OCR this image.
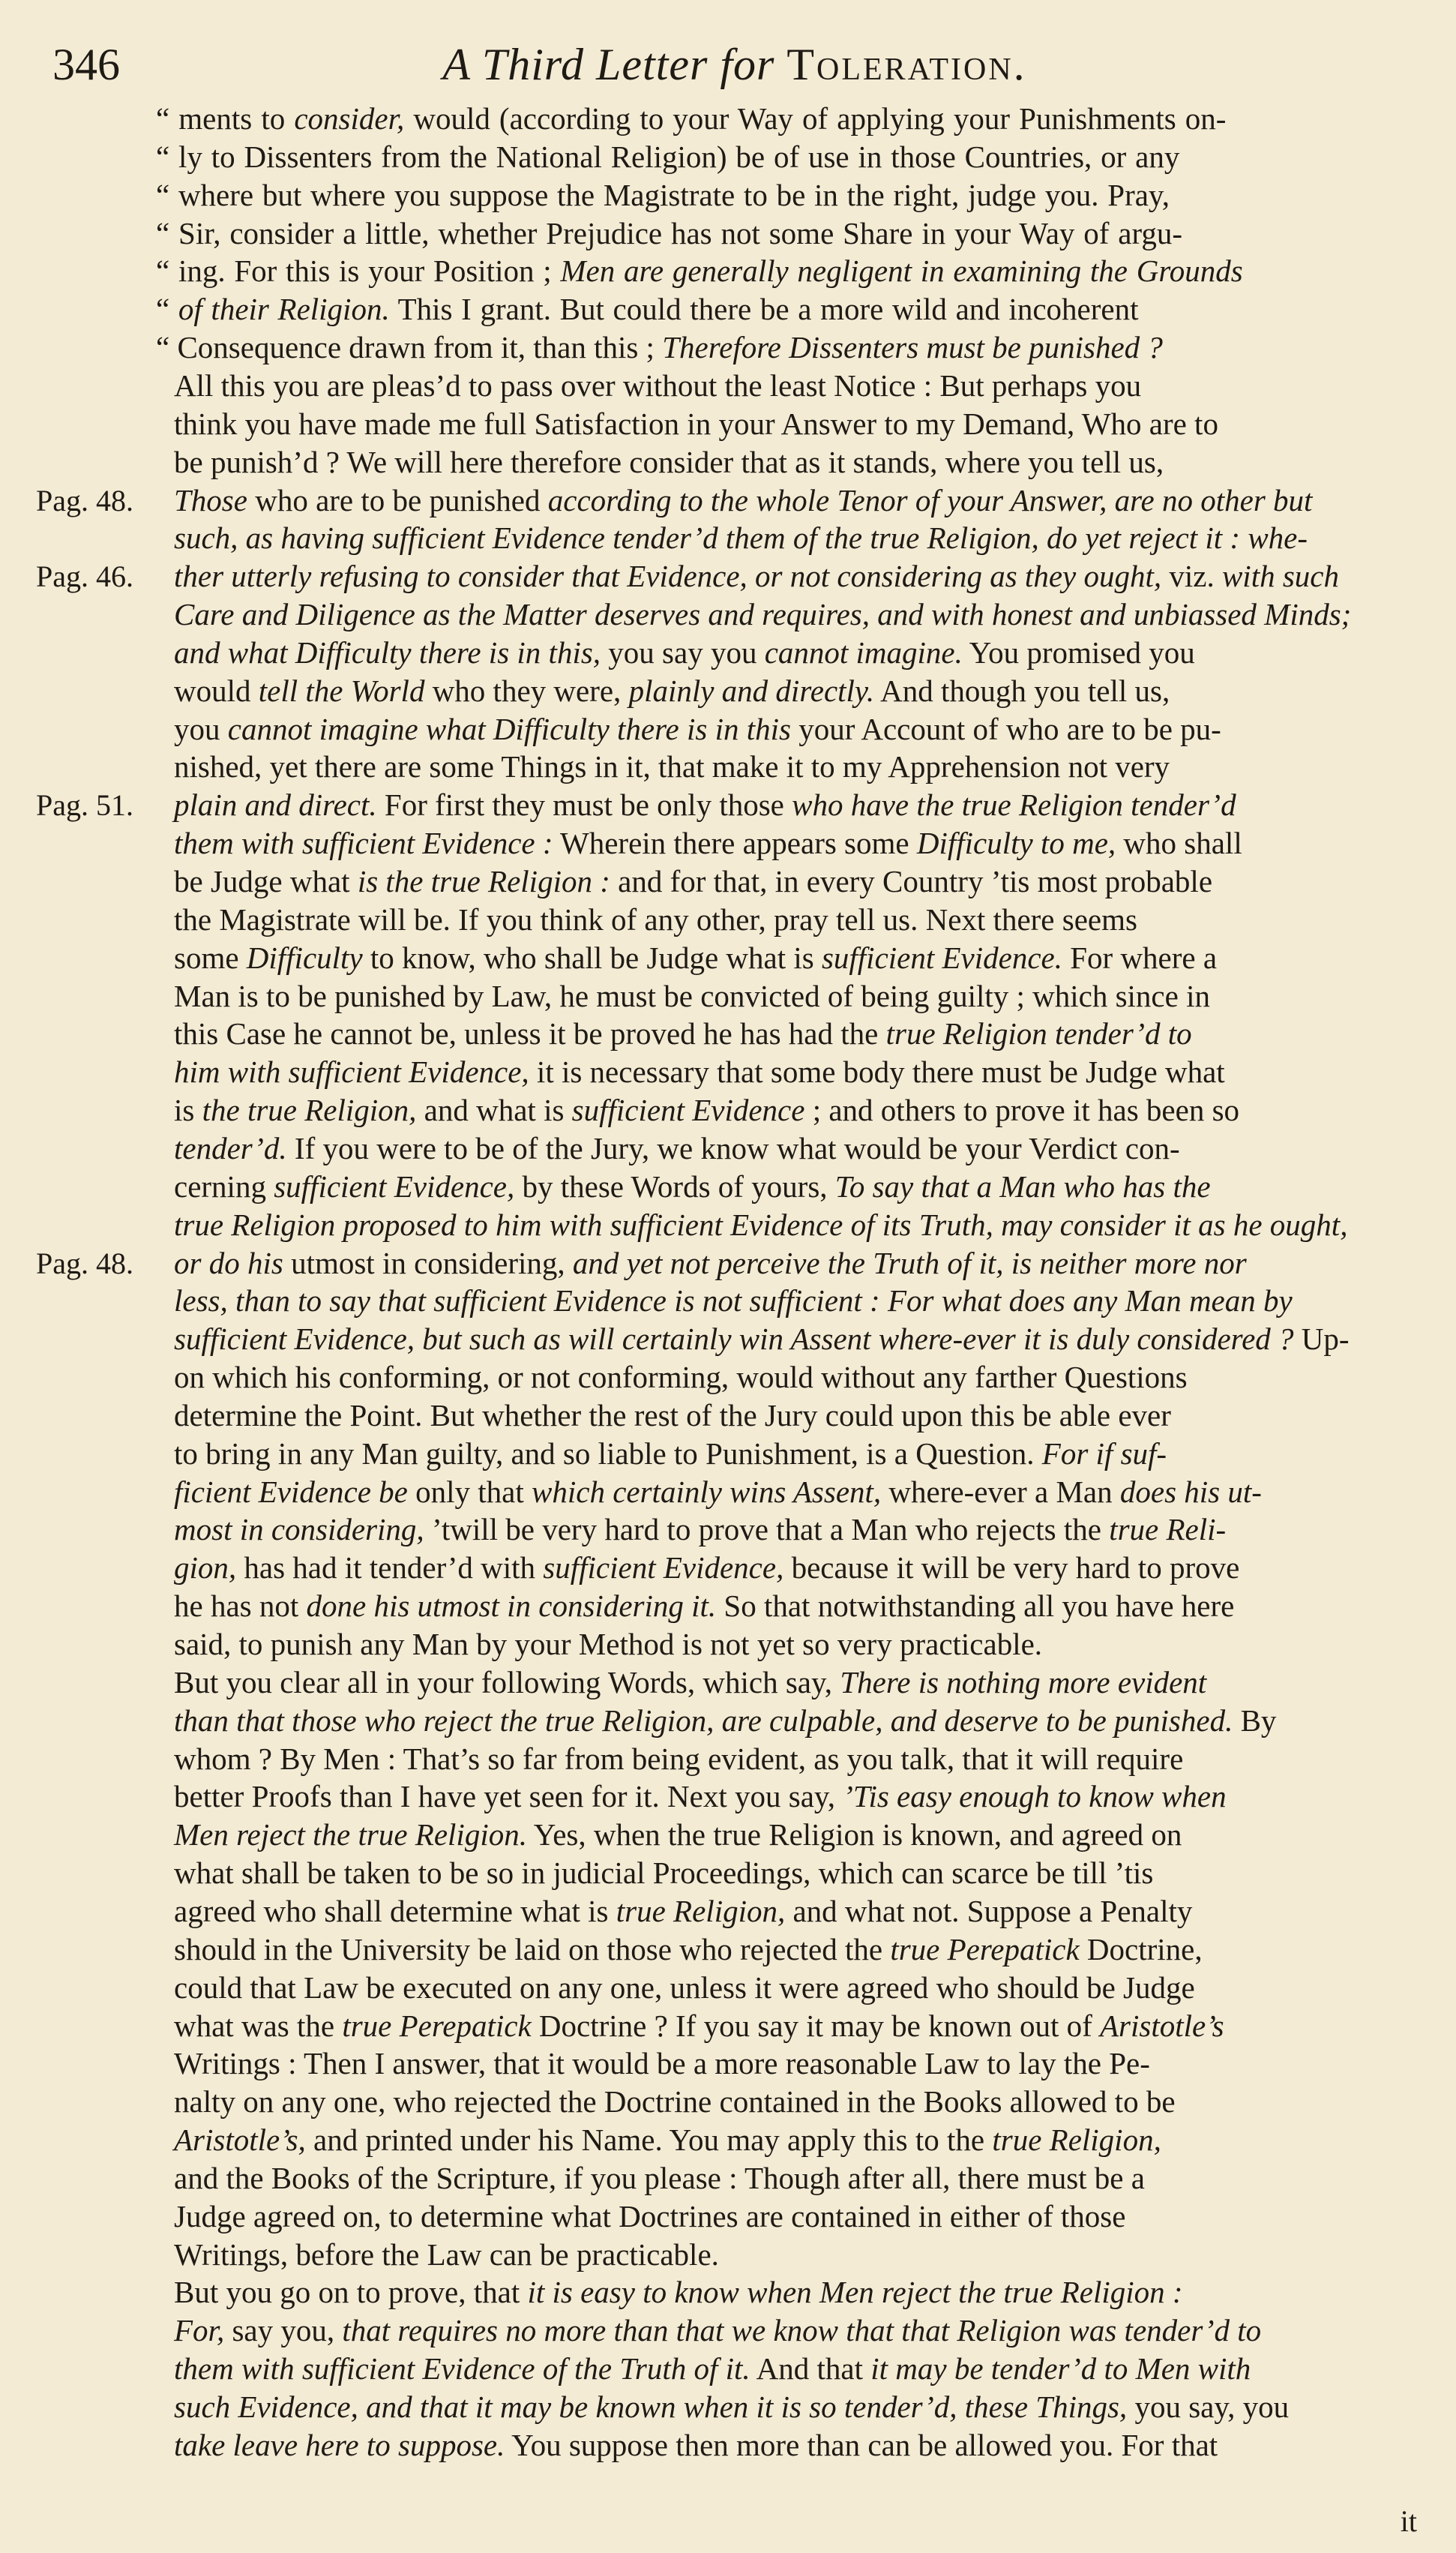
346	A Third Letter for Toleration.
“ ments to consider, would (according to your Way of applying your Punishments on-
“ ly to Dissenters from the National Religion) be of use in those Countries, or any
“ where but where you suppose the Magistrate to be in the right, judge you. Pray,
“ Sir, consider a little, whether Prejudice has not some Share in your Way of argu-
“ ing. For this is your Position ; Men are generally negligent in examining the Grounds
“ of their Religion. This I grant. But could there be a more wild and incoherent
“ Consequence drawn from it, than this ; Therefore Dissenters must be punished ?
All this you are pleas’d to pass over without the least Notice : But perhaps you
think you have made me full Satisfaction in your Answer to my Demand, Who are to
be punish’d ? We will here therefore consider that as it stands, where you tell us,
Those who are to be punished according to the whole Tenor of your Answer, are no other but
such, as having sufficient Evidence tender’d them of the true Religion, do yet reject it : whe-
ther utterly refusing to consider that Evidence, or not considering as they ought, viz. with such
Care and Diligence as the Matter deserves and requires, and with honest and unbiassed Minds;
and what Difficulty there is in this, you say you cannot imagine. You promised you
would tell the World who they were, plainly and directly. And though you tell us,
you cannot imagine what Difficulty there is in this your Account of who are to be pu-
nished, yet there are some Things in it, that make it to my Apprehension not very
plain and direct. For first they must be only those who have the true Religion tender’d
them with sufficient Evidence : Wherein there appears some Difficulty to me, who shall
be Judge what is the true Religion : and for that, in every Country ’tis most probable
the Magistrate will be. If you think of any other, pray tell us. Next there seems
some Difficulty to know, who shall be Judge what is sufficient Evidence. For where a
Man is to be punished by Law, he must be convicted of being guilty ; which since in
this Case he cannot be, unless it be proved he has had the true Religion tender’d to
him with sufficient Evidence, it is necessary that some body there must be Judge what
is the true Religion, and what is sufficient Evidence ; and others to prove it has been so
tender’d. If you were to be of the Jury, we know what would be your Verdict con-
cerning sufficient Evidence, by these Words of yours, To say that a Man who has the
true Religion proposed to him with sufficient Evidence of its Truth, may consider it as he ought,
or do his utmost in considering, and yet not perceive the Truth of it, is neither more nor
less, than to say that sufficient Evidence is not sufficient : For what does any Man mean by
sufficient Evidence, but such as will certainly win Assent where-ever it is duly considered ? Up-
on which his conforming, or not conforming, would without any farther Questions
determine the Point. But whether the rest of the Jury could upon this be able ever
to bring in any Man guilty, and so liable to Punishment, is a Question. For if suf-
ficient Evidence be only that which certainly wins Assent, where-ever a Man does his ut-
most in considering, ’twill be very hard to prove that a Man who rejects the true Reli-
gion, has had it tender’d with sufficient Evidence, because it will be very hard to prove
he has not done his utmost in considering it. So that notwithstanding all you have here
said, to punish any Man by your Method is not yet so very practicable.
But you clear all in your following Words, which say, There is nothing more evident
than that those who reject the true Religion, are culpable, and deserve to be punished. By
whom ? By Men : That’s so far from being evident, as you talk, that it will require
better Proofs than I have yet seen for it. Next you say, ’Tis easy enough to know when
Men reject the true Religion. Yes, when the true Religion is known, and agreed on
what shall be taken to be so in judicial Proceedings, which can scarce be till ’tis
agreed who shall determine what is true Religion, and what not. Suppose a Penalty
should in the University be laid on those who rejected the true Perepatick Doctrine,
could that Law be executed on any one, unless it were agreed who should be Judge
what was the true Perepatick Doctrine ? If you say it may be known out of Aristotle’s
Writings : Then I answer, that it would be a more reasonable Law to lay the Pe-
nalty on any one, who rejected the Doctrine contained in the Books allowed to be
Aristotle’s, and printed under his Name. You may apply this to the true Religion,
and the Books of the Scripture, if you please : Though after all, there must be a
Judge agreed on, to determine what Doctrines are contained in either of those
Writings, before the Law can be practicable.
But you go on to prove, that it is easy to know when Men reject the true Religion :
For, say you, that requires no more than that we know that that Religion was tender’d to
them with sufficient Evidence of the Truth of it. And that it may be tender’d to Men with
such Evidence, and that it may be known when it is so tender’d, these Things, you say, you
take leave here to suppose. You suppose then more than can be allowed you. For that
Pag. 48.
Pag. 46.
Pag. 51.
Pag. 48.
it
